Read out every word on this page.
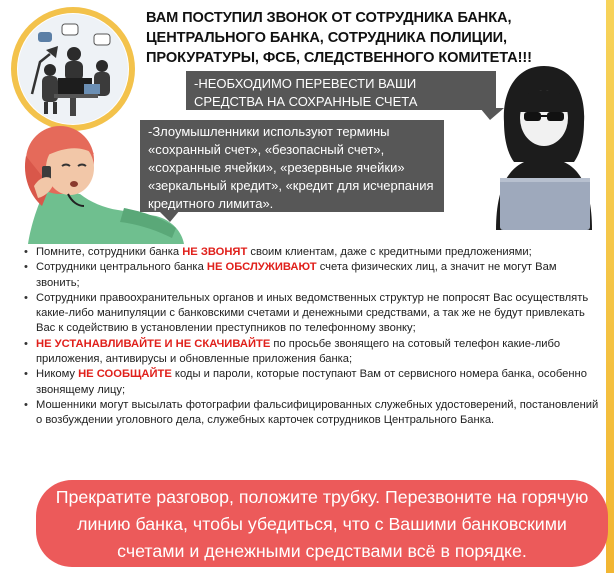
ВАМ ПОСТУПИЛ ЗВОНОК ОТ СОТРУДНИКА БАНКА, ЦЕНТРАЛЬНОГО БАНКА, СОТРУДНИКА ПОЛИЦИИ, ПРОКУРАТУРЫ, ФСБ, СЛЕДСТВЕННОГО КОМИТЕТА!!!
-НЕОБХОДИМО ПЕРЕВЕСТИ ВАШИ СРЕДСТВА НА СОХРАННЫЕ СЧЕТА
-Злоумышленники используют термины «сохранный счет», «безопасный счет», «сохранные ячейки», «резервные ячейки» «зеркальный кредит», «кредит для исчерпания кредитного лимита».
• Помните, сотрудники банка НЕ ЗВОНЯТ своим клиентам, даже с кредитными предложениями;
• Сотрудники центрального банка НЕ ОБСЛУЖИВАЮТ счета физических лиц, а значит не могут Вам звонить;
• Сотрудники правоохранительных органов и иных ведомственных структур не попросят Вас осуществлять какие-либо манипуляции с банковскими счетами и денежными средствами, а так же не будут привлекать Вас к содействию в установлении преступников по телефонному звонку;
• НЕ УСТАНАВЛИВАЙТЕ И НЕ СКАЧИВАЙТЕ по просьбе звонящего на сотовый телефон какие-либо приложения, антивирусы и обновленные приложения банка;
• Никому НЕ СООБЩАЙТЕ коды и пароли, которые поступают Вам от сервисного номера банка, особенно звонящему лицу;
• Мошенники могут высылать фотографии фальсифицированных служебных удостоверений, постановлений о возбуждении уголовного дела, служебных карточек сотрудников Центрального Банка.
Прекратите разговор, положите трубку. Перезвоните на горячую линию банка, чтобы убедиться, что с Вашими банковскими счетами и денежными средствами всё в порядке.
